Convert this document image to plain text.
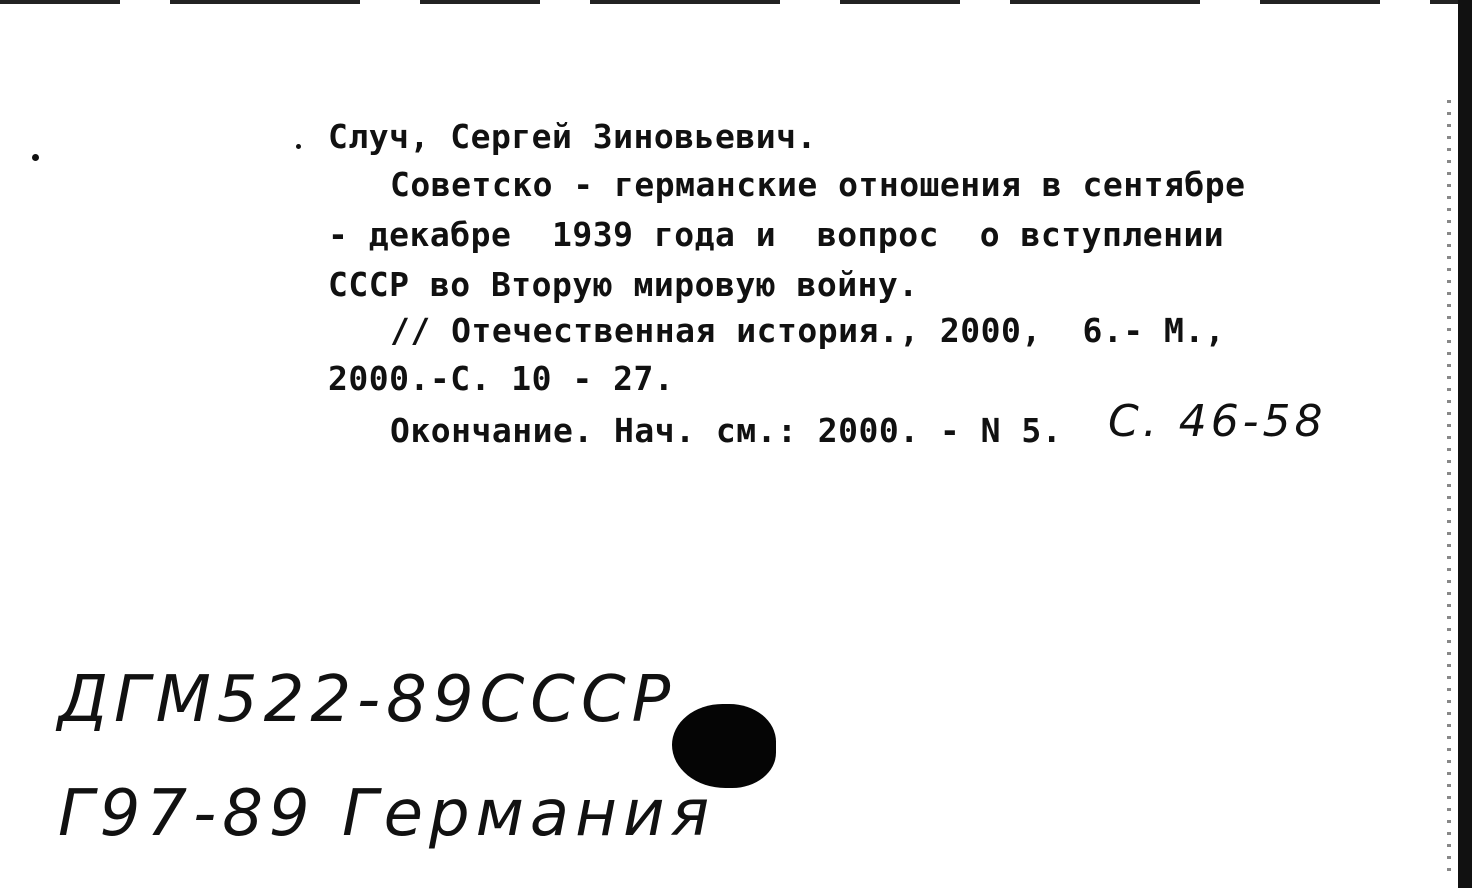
Случ, Сергей Зиновьевич.
Советско - германские отношения в сентябре
- декабре  1939 года и  вопрос  о вступлении
СССР во Вторую мировую войну.
// Отечественная история., 2000,  6.- М.,
2000.-С. 10 - 27.
Окончание. Нач. см.: 2000. - N 5. С. 46-58
ДГМ522-89СССР
Г97-89 Германия
